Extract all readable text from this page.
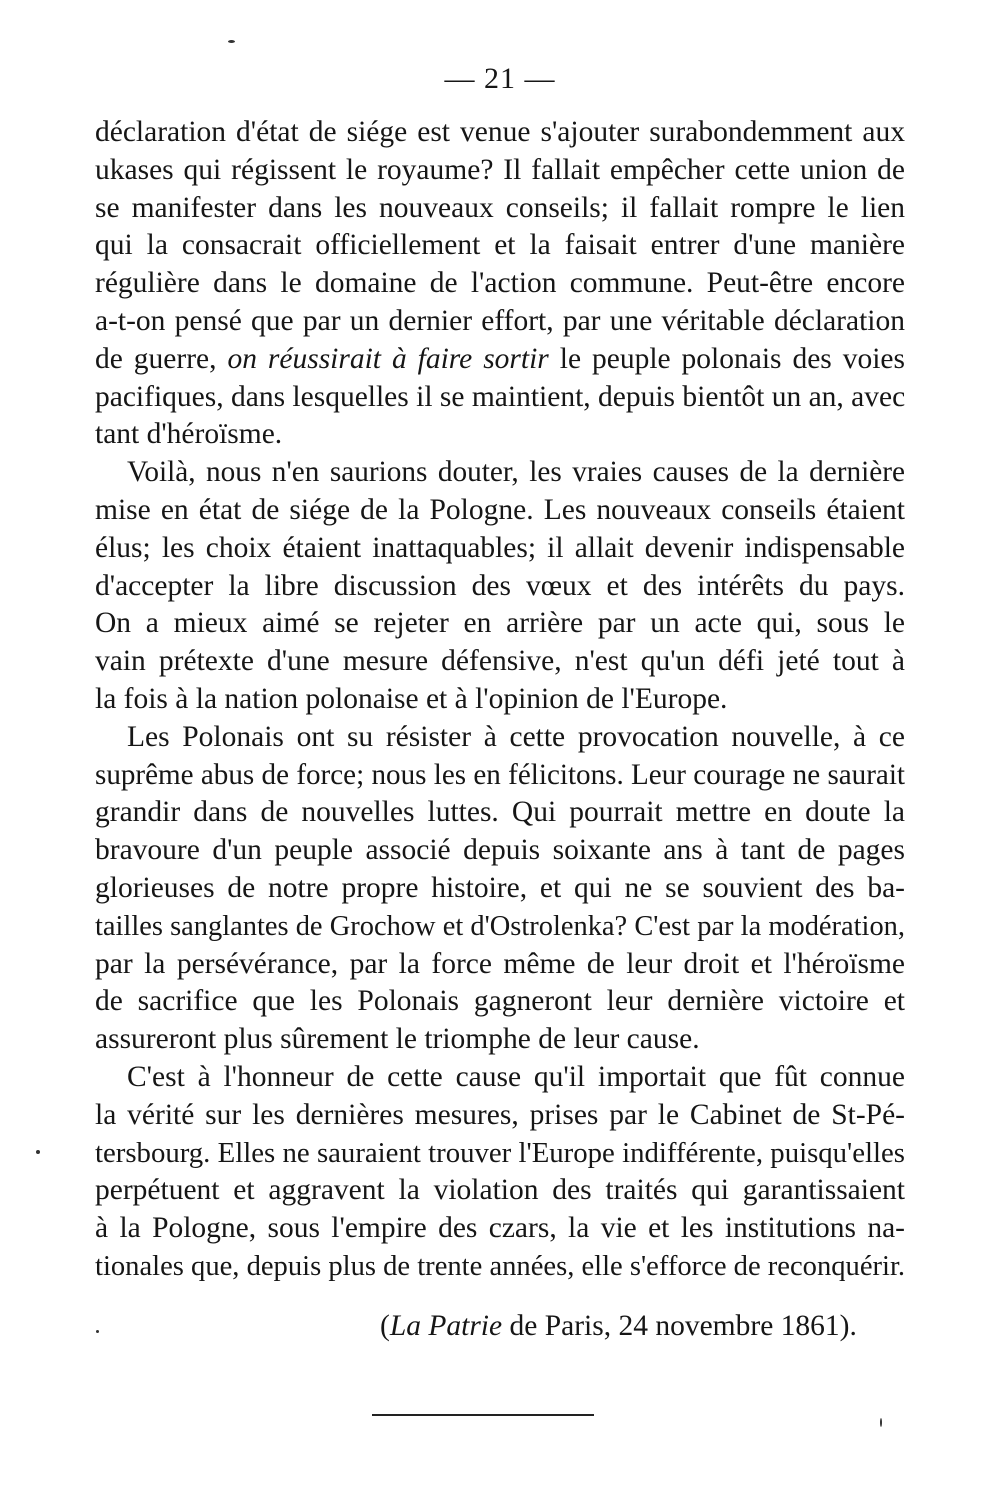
— 21 —

déclaration d'état de siége est venue s'ajouter surabondemment aux
ukases qui régissent le royaume? Il fallait empêcher cette union de
se manifester dans les nouveaux conseils; il fallait rompre le lien
qui la consacrait officiellement et la faisait entrer d'une manière
régulière dans le domaine de l'action commune. Peut-être encore
a-t-on pensé que par un dernier effort, par une véritable déclaration
de guerre, on réussirait à faire sortir le peuple polonais des voies
pacifiques, dans lesquelles il se maintient, depuis bientôt un an, avec
tant d'héroïsme.

Voilà, nous n'en saurions douter, les vraies causes de la dernière
mise en état de siége de la Pologne. Les nouveaux conseils étaient
élus; les choix étaient inattaquables; il allait devenir indispensable
d'accepter la libre discussion des vœux et des intérêts du pays.
On a mieux aimé se rejeter en arrière par un acte qui, sous le
vain prétexte d'une mesure défensive, n'est qu'un défi jeté tout à
la fois à la nation polonaise et à l'opinion de l'Europe.

Les Polonais ont su résister à cette provocation nouvelle, à ce
suprême abus de force; nous les en félicitons. Leur courage ne saurait
grandir dans de nouvelles luttes. Qui pourrait mettre en doute la
bravoure d'un peuple associé depuis soixante ans à tant de pages
glorieuses de notre propre histoire, et qui ne se souvient des ba-
tailles sanglantes de Grochow et d'Ostrolenka? C'est par la modération,
par la persévérance, par la force même de leur droit et l'héroïsme
de sacrifice que les Polonais gagneront leur dernière victoire et
assureront plus sûrement le triomphe de leur cause.

C'est à l'honneur de cette cause qu'il importait que fût connue
la vérité sur les dernières mesures, prises par le Cabinet de St-Pé-
tersbourg. Elles ne sauraient trouver l'Europe indifférente, puisqu'elles
perpétuent et aggravent la violation des traités qui garantissaient
à la Pologne, sous l'empire des czars, la vie et les institutions na-
tionales que, depuis plus de trente années, elle s'efforce de reconquérir.

(La Patrie de Paris, 24 novembre 1861).
